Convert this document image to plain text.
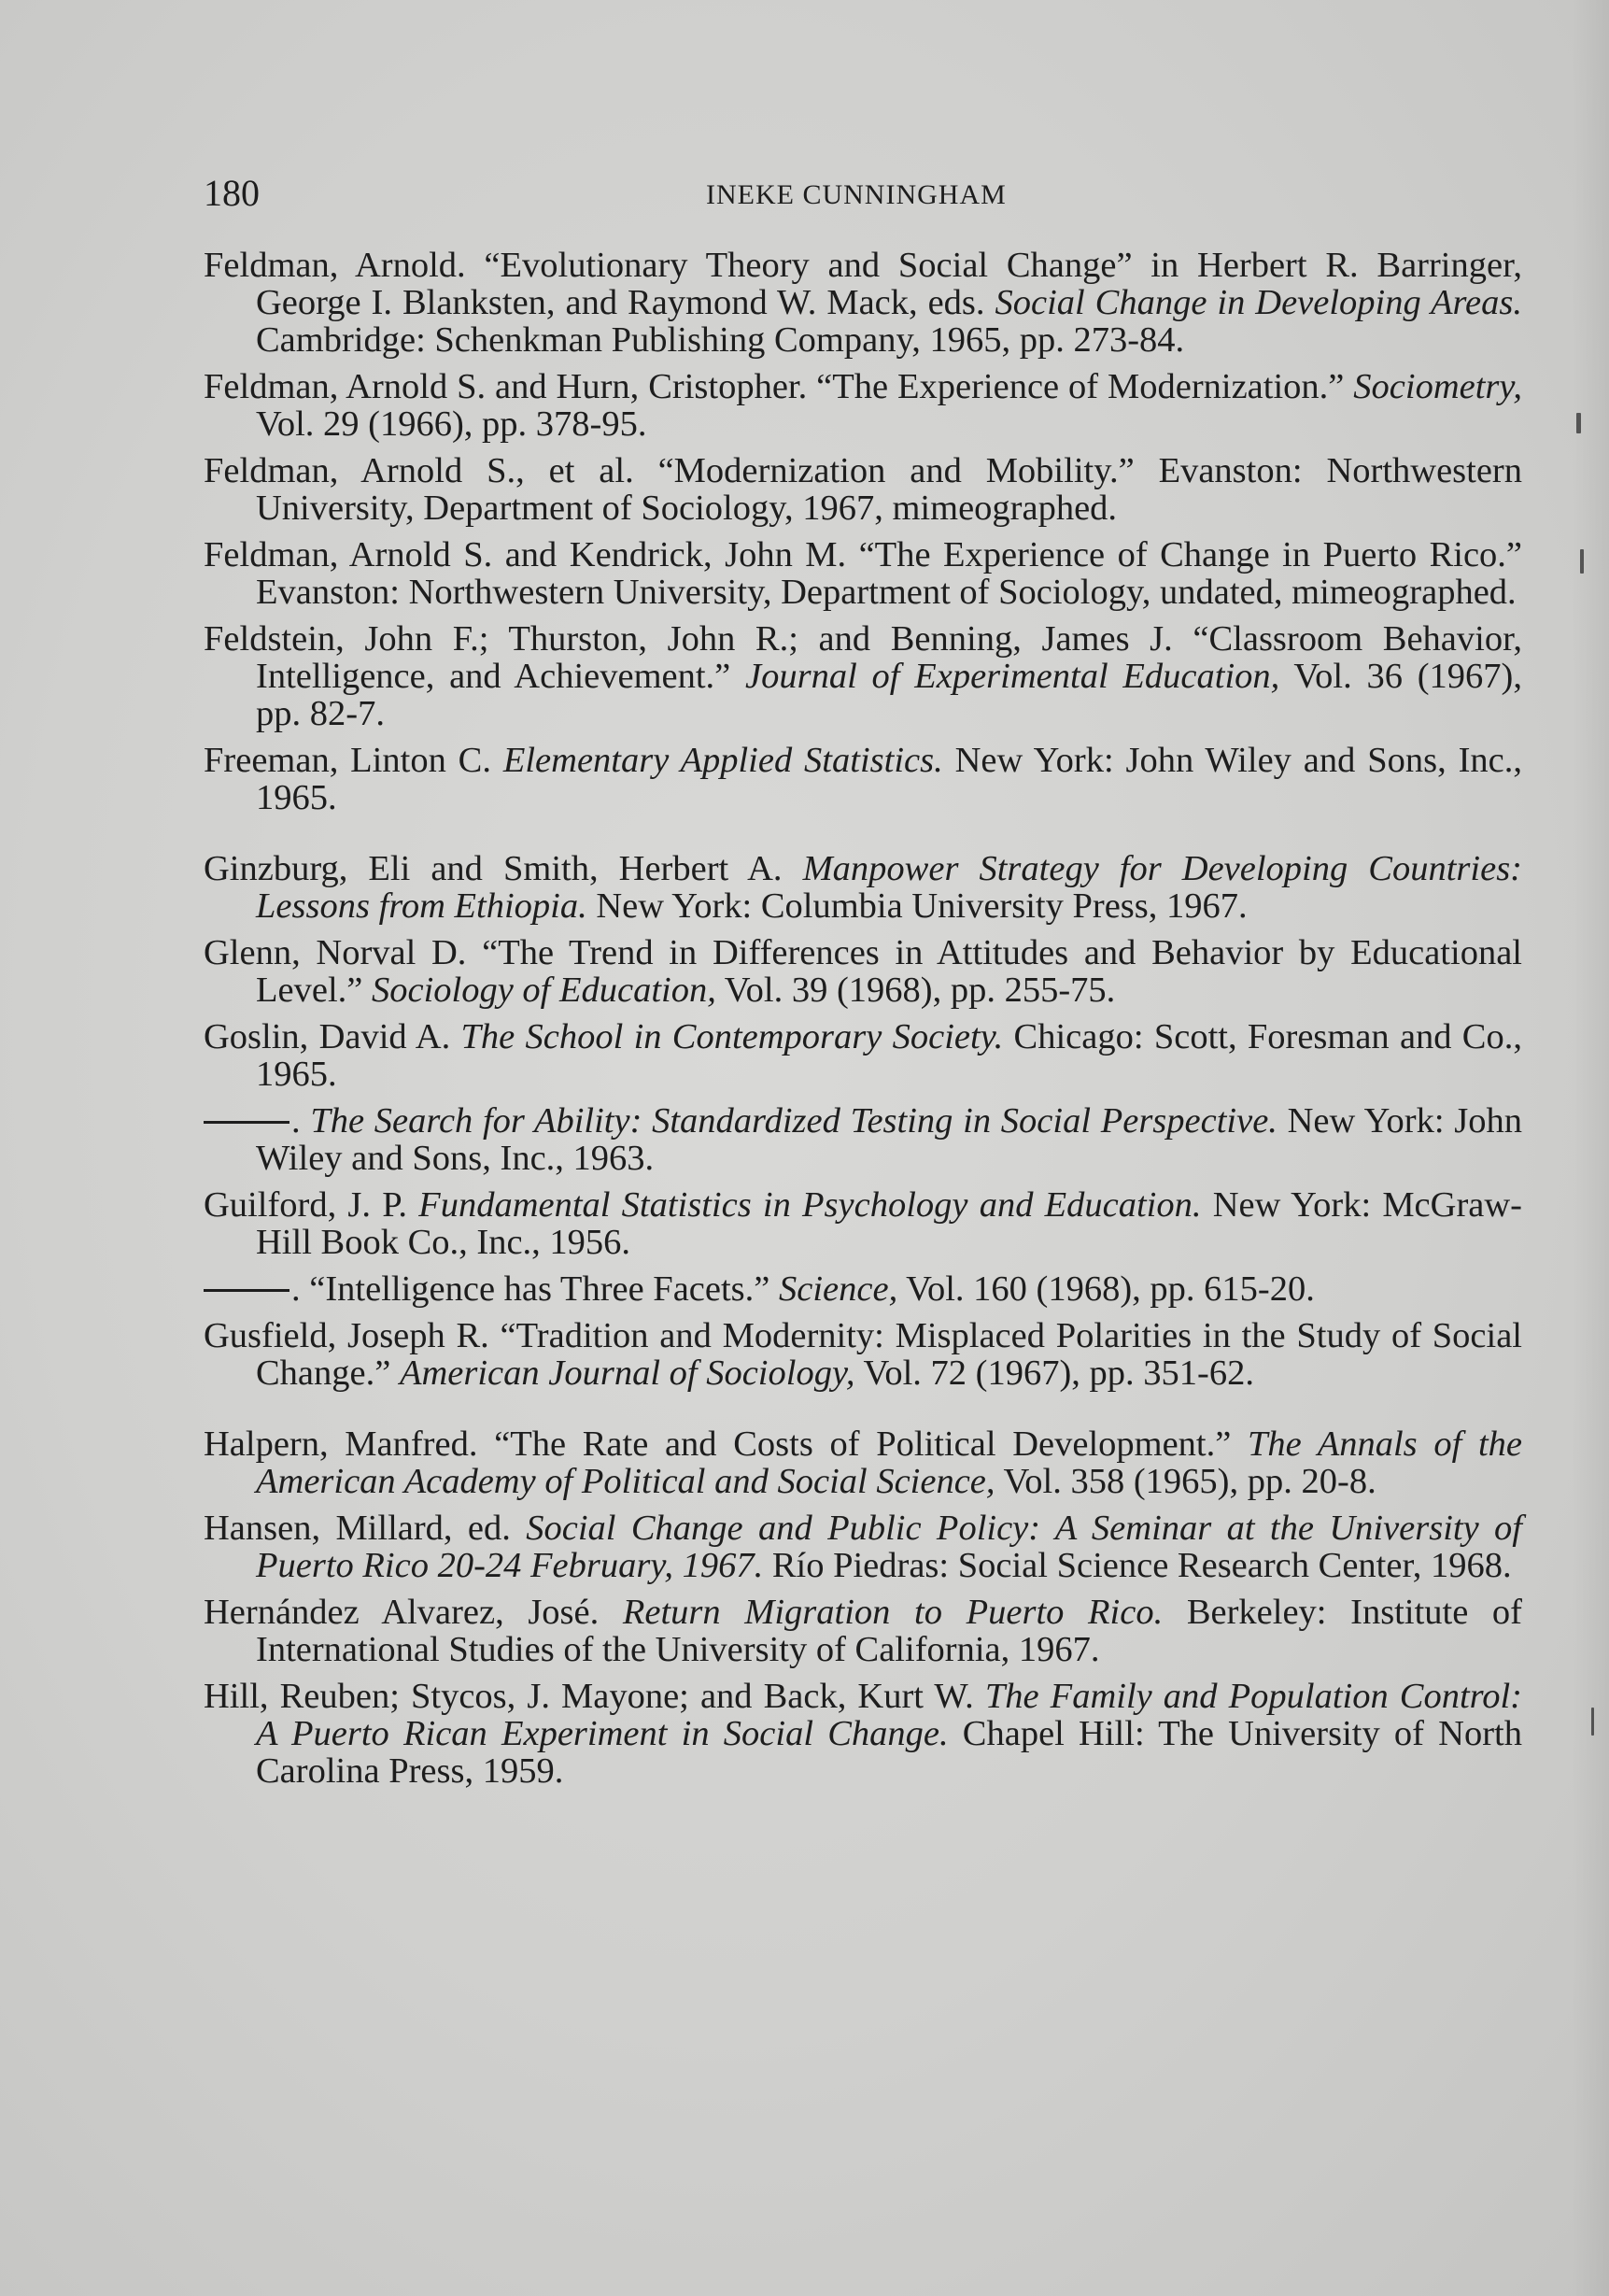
180	INEKE CUNNINGHAM

Feldman, Arnold. “Evolutionary Theory and Social Change” in Herbert R. Barringer, George I. Blanksten, and Raymond W. Mack, eds. Social Change in Developing Areas. Cambridge: Schenkman Publishing Company, 1965, pp. 273-84.

Feldman, Arnold S. and Hurn, Cristopher. “The Experience of Modernization.” Sociometry, Vol. 29 (1966), pp. 378-95.

Feldman, Arnold S., et al. “Modernization and Mobility.” Evanston: Northwestern University, Department of Sociology, 1967, mimeographed.

Feldman, Arnold S. and Kendrick, John M. “The Experience of Change in Puerto Rico.” Evanston: Northwestern University, Department of Sociology, undated, mimeographed.

Feldstein, John F.; Thurston, John R.; and Benning, James J. “Classroom Behavior, Intelligence, and Achievement.” Journal of Experimental Education, Vol. 36 (1967), pp. 82-7.

Freeman, Linton C. Elementary Applied Statistics. New York: John Wiley and Sons, Inc., 1965.

Ginzburg, Eli and Smith, Herbert A. Manpower Strategy for Developing Countries: Lessons from Ethiopia. New York: Columbia University Press, 1967.

Glenn, Norval D. “The Trend in Differences in Attitudes and Behavior by Educational Level.” Sociology of Education, Vol. 39 (1968), pp. 255-75.

Goslin, David A. The School in Contemporary Society. Chicago: Scott, Foresman and Co., 1965.

. The Search for Ability: Standardized Testing in Social Perspective. New York: John Wiley and Sons, Inc., 1963.

Guilford, J. P. Fundamental Statistics in Psychology and Education. New York: McGraw-Hill Book Co., Inc., 1956.

. “Intelligence has Three Facets.” Science, Vol. 160 (1968), pp. 615-20.

Gusfield, Joseph R. “Tradition and Modernity: Misplaced Polarities in the Study of Social Change.” American Journal of Sociology, Vol. 72 (1967), pp. 351-62.

Halpern, Manfred. “The Rate and Costs of Political Development.” The Annals of the American Academy of Political and Social Science, Vol. 358 (1965), pp. 20-8.

Hansen, Millard, ed. Social Change and Public Policy: A Seminar at the University of Puerto Rico 20-24 February, 1967. Río Piedras: Social Science Research Center, 1968.

Hernández Alvarez, José. Return Migration to Puerto Rico. Berkeley: Institute of International Studies of the University of California, 1967.

Hill, Reuben; Stycos, J. Mayone; and Back, Kurt W. The Family and Population Control: A Puerto Rican Experiment in Social Change. Chapel Hill: The University of North Carolina Press, 1959.
